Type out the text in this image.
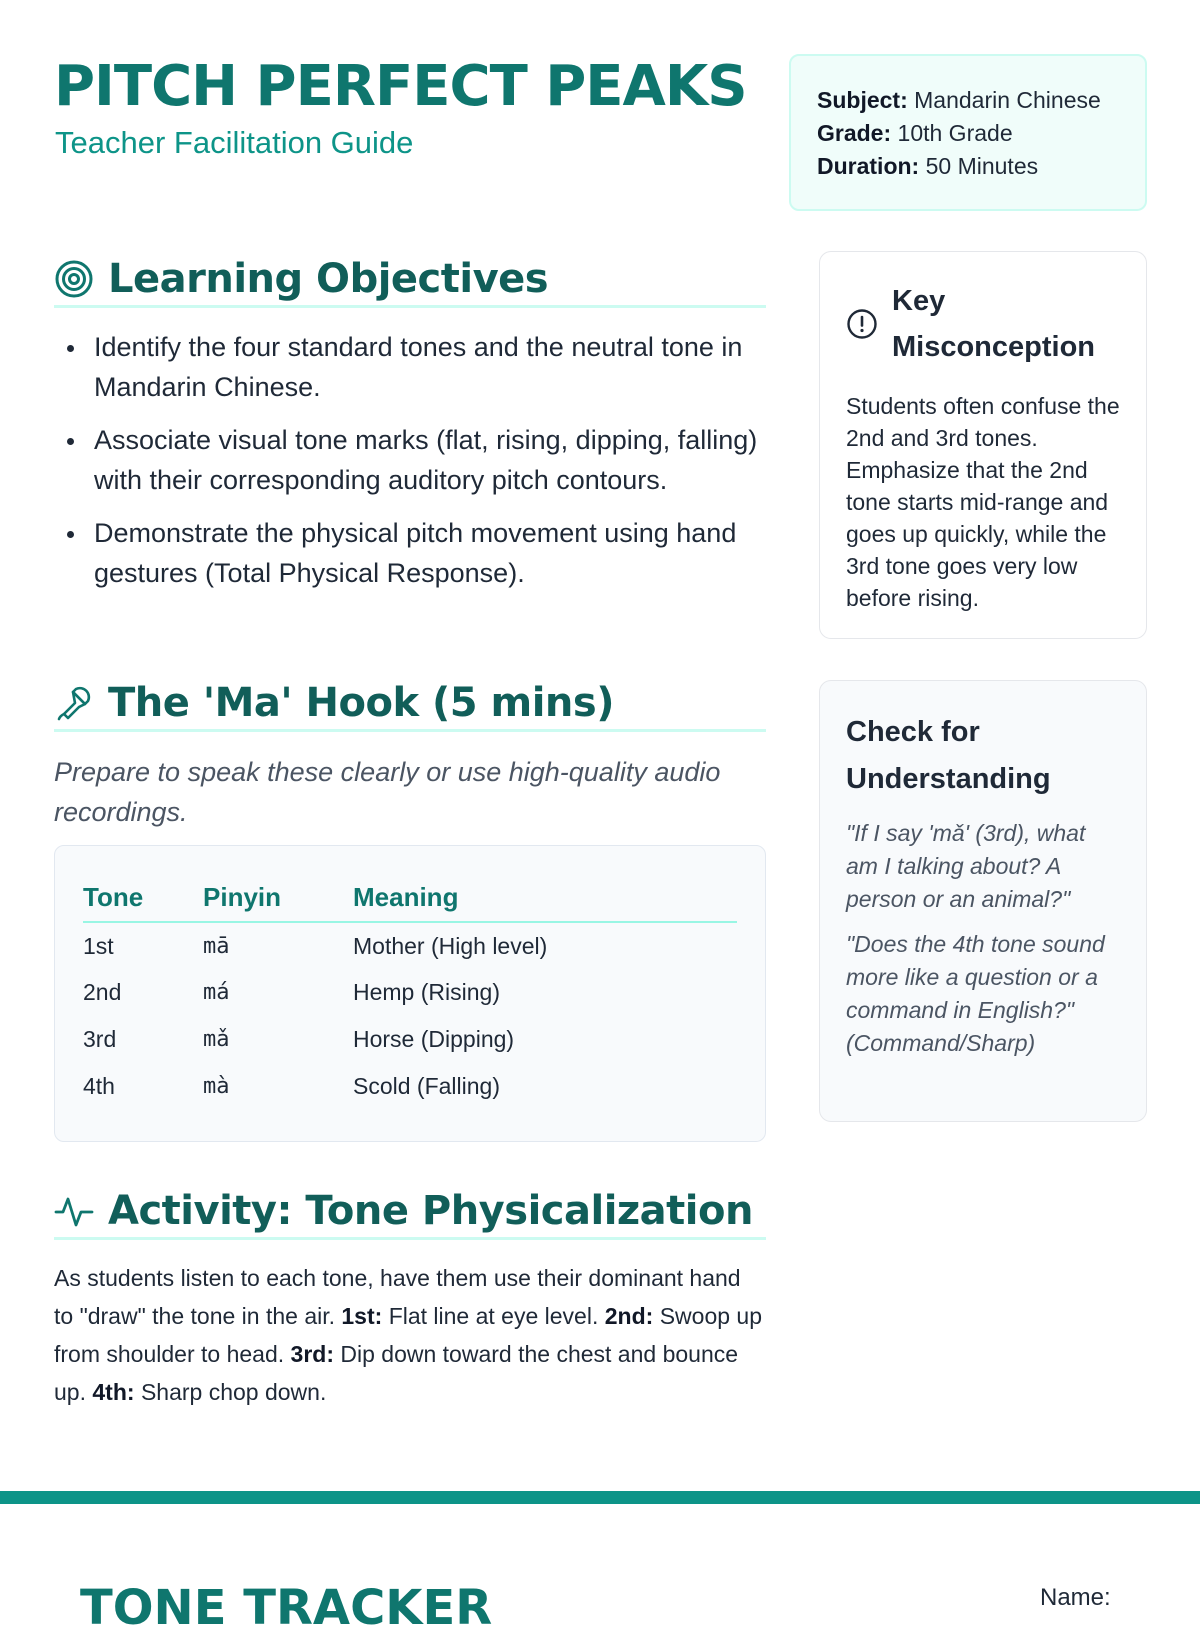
PITCH PERFECT PEAKS
Teacher Facilitation Guide
Subject: Mandarin Chinese
Grade: 10th Grade
Duration: 50 Minutes
Learning Objectives
Identify the four standard tones and the neutral tone in Mandarin Chinese.
Associate visual tone marks (flat, rising, dipping, falling) with their corresponding auditory pitch contours.
Demonstrate the physical pitch movement using hand gestures (Total Physical Response).
The 'Ma' Hook (5 mins)
Prepare to speak these clearly or use high-quality audio recordings.
Tone	Pinyin	Meaning
1st	mā	Mother (High level)
2nd	má	Hemp (Rising)
3rd	mǎ	Horse (Dipping)
4th	mà	Scold (Falling)
Activity: Tone Physicalization
As students listen to each tone, have them use their dominant hand to "draw" the tone in the air. 1st: Flat line at eye level. 2nd: Swoop up from shoulder to head. 3rd: Dip down toward the chest and bounce up. 4th: Sharp chop down.
Key
Misconception
Students often confuse the 2nd and 3rd tones. Emphasize that the 2nd tone starts mid-range and goes up quickly, while the 3rd tone goes very low before rising.
Check for
Understanding

"If I say 'mǎ' (3rd), what am I talking about? A person or an animal?"

"Does the 4th tone sound more like a question or a command in English?" (Command/Sharp)

TONE TRACKER	Name:
